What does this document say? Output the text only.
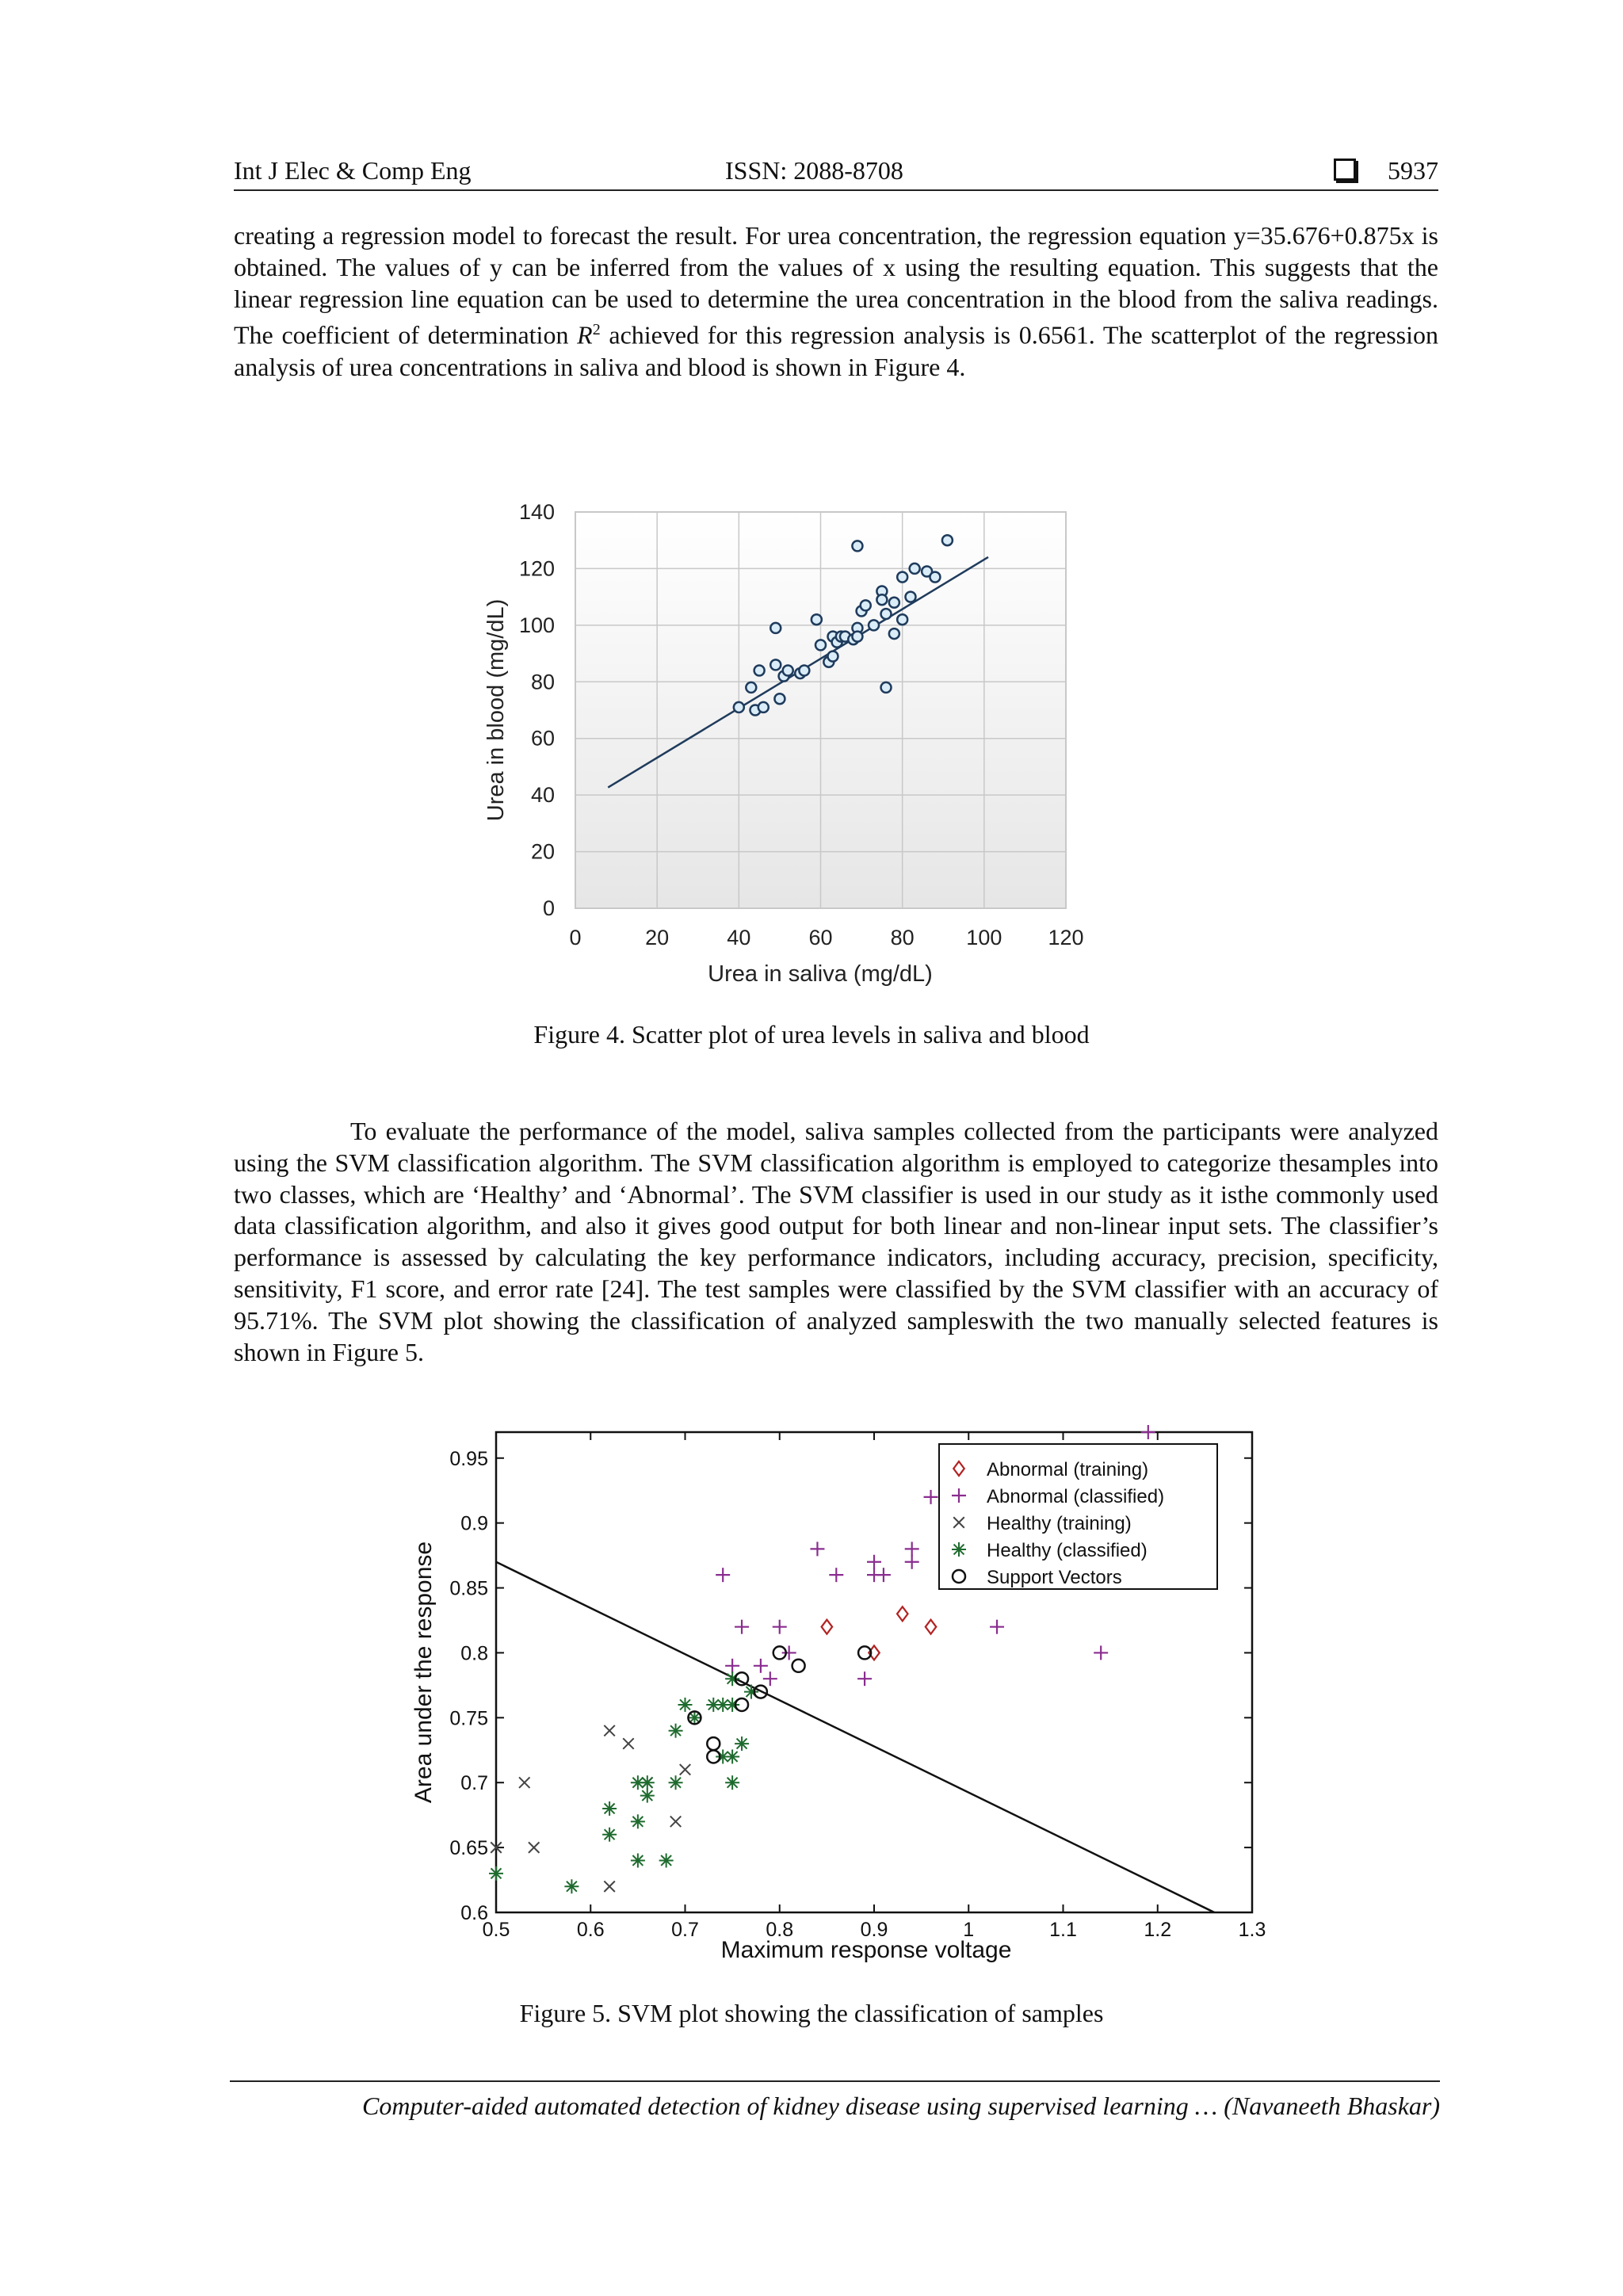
Int J Elec & Comp Eng	ISSN: 2088-8708	5937
creating a regression model to forecast the result. For urea concentration, the regression equation y=35.676+0.875x is obtained. The values of y can be inferred from the values of x using the resulting equation. This suggests that the linear regression line equation can be used to determine the urea concentration in the blood from the saliva readings. The coefficient of determination $R^2$ achieved for this regression analysis is 0.6561. The scatterplot of the regression analysis of urea concentrations in saliva and blood is shown in Figure 4.
0	20	40	60	80 100 120
0
20
40
60
80
100
120
140
Urea in saliva (mg/dL)
Urea in blood (mg/dL)
Figure 4. Scatter plot of urea levels in saliva and blood
To evaluate the performance of the model, saliva samples collected from the participants were analyzed using the SVM classification algorithm. The SVM classification algorithm is employed to categorize thesamples into two classes, which are ‘Healthy’ and ‘Abnormal’. The SVM classifier is used in our study as it isthe commonly used data classification algorithm, and also it gives good output for both linear and non-linear input sets. The classifier’s performance is assessed by calculating the key performance indicators, including accuracy, precision, specificity, sensitivity, F1 score, and error rate [24]. The test samples were classified by the SVM classifier with an accuracy of 95.71%. The SVM plot showing the classification of analyzed sampleswith the two manually selected features is shown in Figure 5.
0.5	0.6	0.7	0.8	0.9	1	1.1	1.2	1.3
0.6
0.65
0.7
0.75
0.8
0.85
0.9
0.95	Abnormal (training)
Abnormal (classified)
Healthy (training)
Healthy (classified)
Support Vectors
Maximum response voltage
Area under the response
Figure 5. SVM plot showing the classification of samples
Computer-aided automated detection of kidney disease using supervised learning … (Navaneeth Bhaskar)
